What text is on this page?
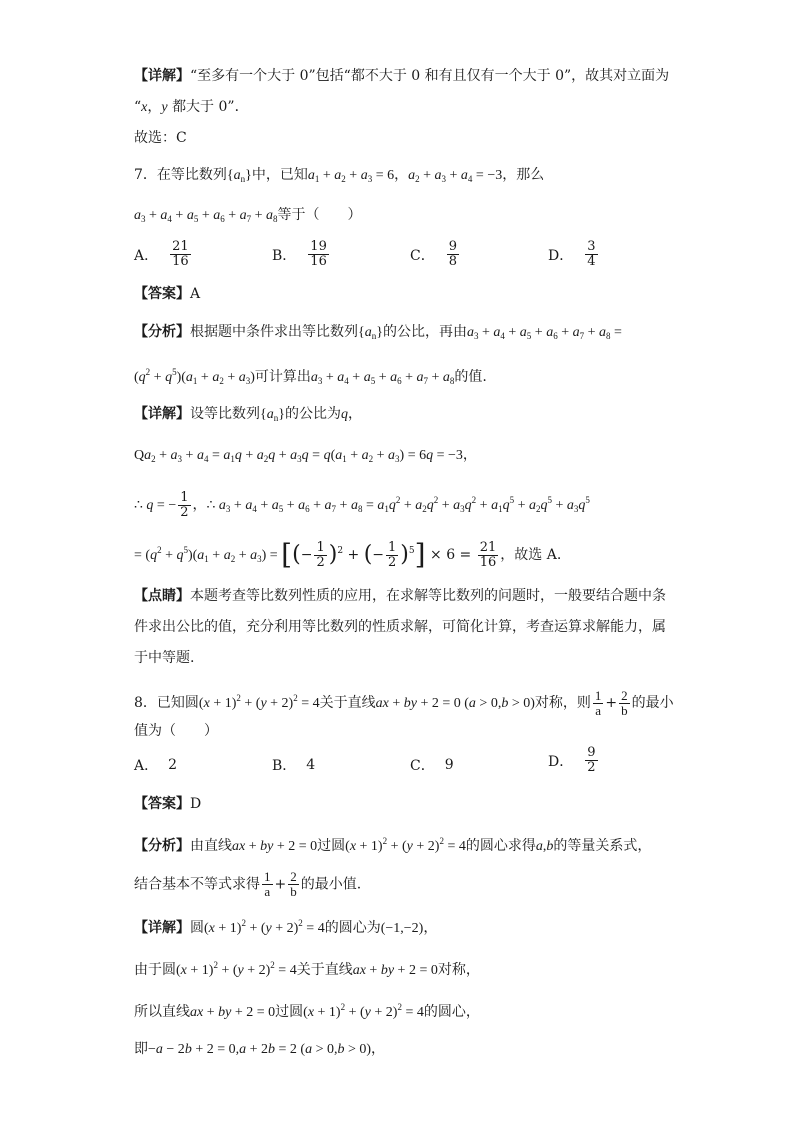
【详解】“至多有一个大于 0”包括“都不大于 0 和有且仅有一个大于 0”，故其对立面为
“x，y 都大于 0”．
故选：C
7．在等比数列$\{a_n\}$中，已知$a_1 + a_2 + a_3 = 6$，$a_2 + a_3 + a_4 = -3$，那么
$a_3 + a_4 + a_5 + a_6 + a_7 + a_8$等于（　　）
A． $\frac{21}{16}$	B． $\frac{19}{16}$	C． $\frac{9}{8}$	D． $\frac{3}{4}$
【答案】A
【分析】根据题中条件求出等比数列$\{a_n\}$的公比，再由$a_3 + a_4 + a_5 + a_6 + a_7 + a_8$ =
$(q^2 + q^5)(a_1 + a_2 + a_3)$可计算出$a_3 + a_4 + a_5 + a_6 + a_7 + a_8$的值.
【详解】设等比数列$\{a_n\}$的公比为q，
$Qa_2 + a_3 + a_4 = a_1q + a_2q + a_3q = q(a_1 + a_2 + a_3) = 6q = -3$，
∴ q = − $\frac{1}{2}$ ，∴ $a_3 + a_4 + a_5 + a_6 + a_7 + a_8 = a_1q^2 + a_2q^2 + a_3q^2 + a_1q^5 + a_2q^5 + a_3q^5$
= $(q^2 + q^5)(a_1 + a_2 + a_3)$ = [(− $\frac{1}{2} )^2$ + (− $\frac{1}{2} )^5] \times 6 = \frac{21}{16}$ ，故选 A.
【点睛】本题考查等比数列性质的应用，在求解等比数列的问题时，一般要结合题中条
件求出公比的值，充分利用等比数列的性质求解，可简化计算，考查运算求解能力，属
于中等题.
8．已知圆$(x + 1)^2 + (y + 2)^2 = 4$关于直线ax + by + 2 = 0 (a > 0,b > 0)对称，则 $\frac{1}{a} + \frac{2}{b}$ 的最小
值为（　　）
A． 2	B． 4	C． 9	D． $\frac{9}{2}$
【答案】D
【分析】由直线ax + by + 2 = 0过圆$(x + 1)^2 + (y + 2)^2 = 4$的圆心求得a,b的等量关系式，
结合基本不等式求得 $\frac{1}{a} + \frac{2}{b}$ 的最小值.
【详解】圆$(x + 1)^2 + (y + 2)^2 = 4$的圆心为(−1,−2)，
由于圆$(x + 1)^2 + (y + 2)^2 = 4$关于直线ax + by + 2 = 0对称，
所以直线ax + by + 2 = 0过圆$(x + 1)^2 + (y + 2)^2 = 4$的圆心，
即−a − 2b + 2 = 0,a + 2b = 2 (a > 0,b > 0)，
